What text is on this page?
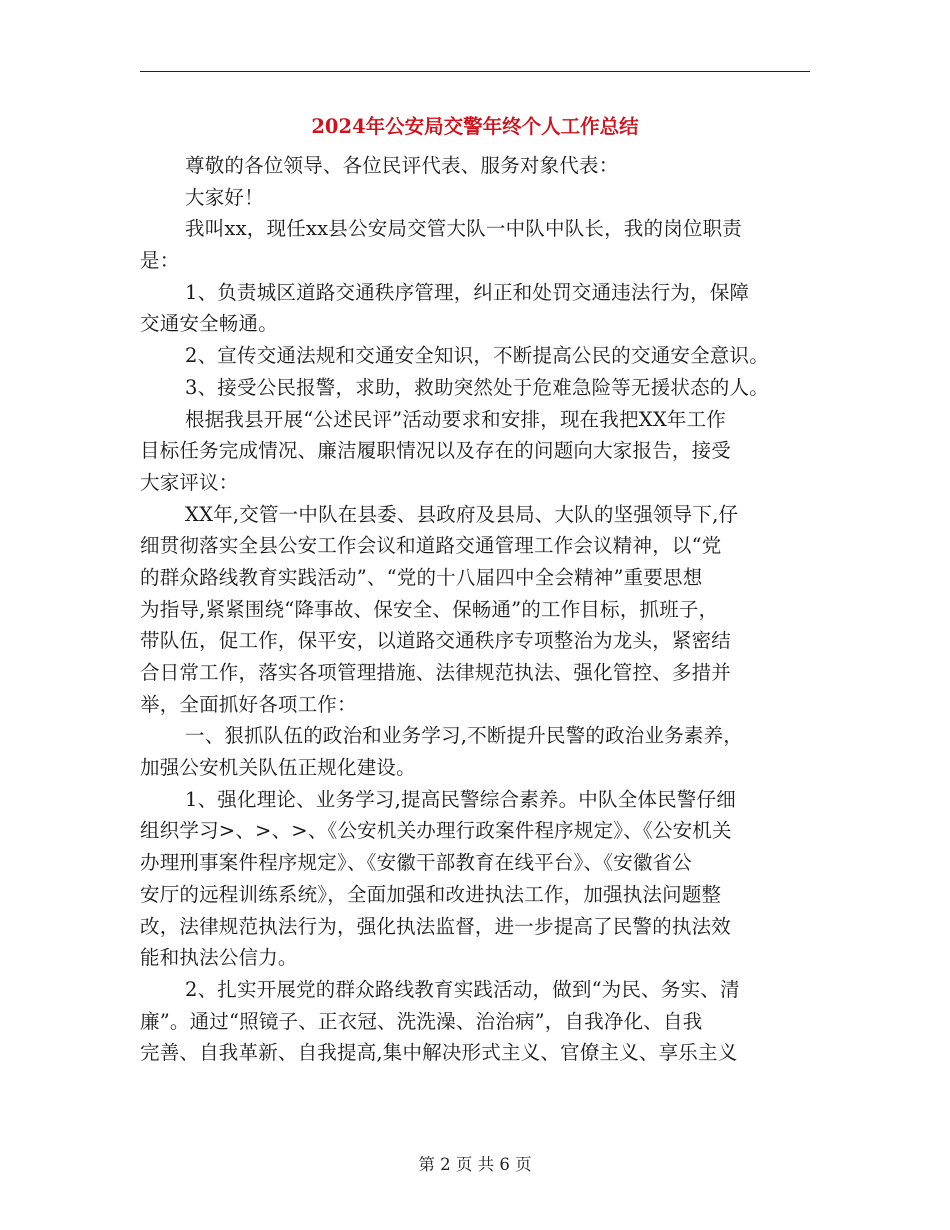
2024年公安局交警年终个人工作总结
尊敬的各位领导、各位民评代表、服务对象代表：
大家好！
我叫xx，现任xx县公安局交管大队一中队中队长，我的岗位职责
是：
1、负责城区道路交通秩序管理，纠正和处罚交通违法行为，保障
交通安全畅通。
2、宣传交通法规和交通安全知识，不断提高公民的交通安全意识。
3、接受公民报警，求助，救助突然处于危难急险等无援状态的人。
根据我县开展“公述民评”活动要求和安排，现在我把XX年工作
目标任务完成情况、廉洁履职情况以及存在的问题向大家报告，接受
大家评议：
XX年,交管一中队在县委、县政府及县局、大队的坚强领导下,仔
细贯彻落实全县公安工作会议和道路交通管理工作会议精神，以“党
的群众路线教育实践活动”、“党的十八届四中全会精神”重要思想
为指导,紧紧围绕“降事故、保安全、保畅通”的工作目标，抓班子，
带队伍，促工作，保平安，以道路交通秩序专项整治为龙头，紧密结
合日常工作，落实各项管理措施、法律规范执法、强化管控、多措并
举，全面抓好各项工作：
一、狠抓队伍的政治和业务学习,不断提升民警的政治业务素养，
加强公安机关队伍正规化建设。
1、强化理论、业务学习,提高民警综合素养。中队全体民警仔细
组织学习>、>、>、《公安机关办理行政案件程序规定》、《公安机关
办理刑事案件程序规定》、《安徽干部教育在线平台》、《安徽省公
安厅的远程训练系统》，全面加强和改进执法工作，加强执法问题整
改，法律规范执法行为，强化执法监督，进一步提高了民警的执法效
能和执法公信力。
2、扎实开展党的群众路线教育实践活动，做到“为民、务实、清
廉”。通过“照镜子、正衣冠、洗洗澡、治治病”，自我净化、自我
完善、自我革新、自我提高,集中解决形式主义、官僚主义、享乐主义
第 2 页 共 6 页
